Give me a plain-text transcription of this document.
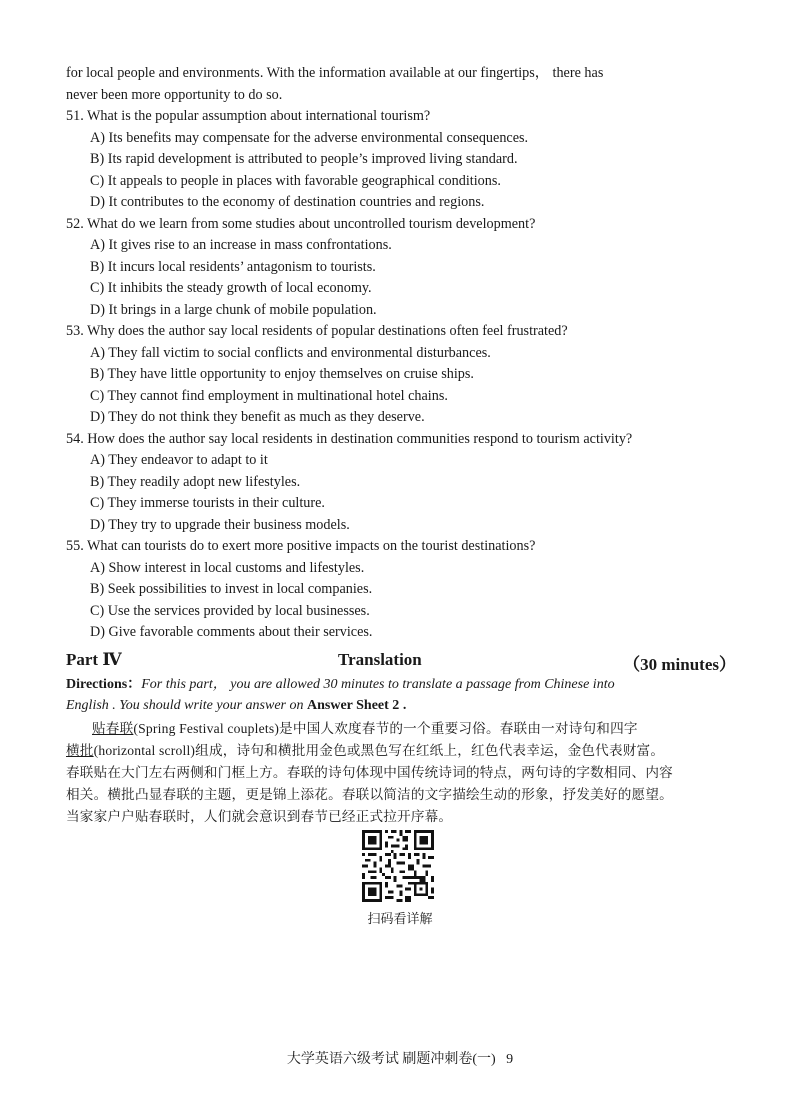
for local people and environments. With the information available at our fingertips， there has
never been more opportunity to do so.
51. What is the popular assumption about international tourism?
A) Its benefits may compensate for the adverse environmental consequences.
B) Its rapid development is attributed to people’s improved living standard.
C) It appeals to people in places with favorable geographical conditions.
D) It contributes to the economy of destination countries and regions.
52. What do we learn from some studies about uncontrolled tourism development?
A) It gives rise to an increase in mass confrontations.
B) It incurs local residents’ antagonism to tourists.
C) It inhibits the steady growth of local economy.
D) It brings in a large chunk of mobile population.
53. Why does the author say local residents of popular destinations often feel frustrated?
A) They fall victim to social conflicts and environmental disturbances.
B) They have little opportunity to enjoy themselves on cruise ships.
C) They cannot find employment in multinational hotel chains.
D) They do not think they benefit as much as they deserve.
54. How does the author say local residents in destination communities respond to tourism activity?
A) They endeavor to adapt to it
B) They readily adopt new lifestyles.
C) They immerse tourists in their culture.
D) They try to upgrade their business models.
55. What can tourists do to exert more positive impacts on the tourist destinations?
A) Show interest in local customs and lifestyles.
B) Seek possibilities to invest in local companies.
C) Use the services provided by local businesses.
D) Give favorable comments about their services.
Part Ⅳ	Translation	（30 minutes）
Directions：For this part， you are allowed 30 minutes to translate a passage from Chinese into
English . You should write your answer on Answer Sheet 2 .
贴春联(Spring Festival couplets)是中国人欢度春节的一个重要习俗。春联由一对诗句和四字
横批(horizontal scroll)组成，诗句和横批用金色或黑色写在红纸上，红色代表幸运，金色代表财富。
春联贴在大门左右两侧和门框上方。春联的诗句体现中国传统诗词的特点，两句诗的字数相同、内容
相关。横批凸显春联的主题，更是锦上添花。春联以简洁的文字描绘生动的形象，抒发美好的愿望。
当家家户户贴春联时，人们就会意识到春节已经正式拉开序幕。
扫码看详解
大学英语六级考试 刷题冲刺卷(一) 9
